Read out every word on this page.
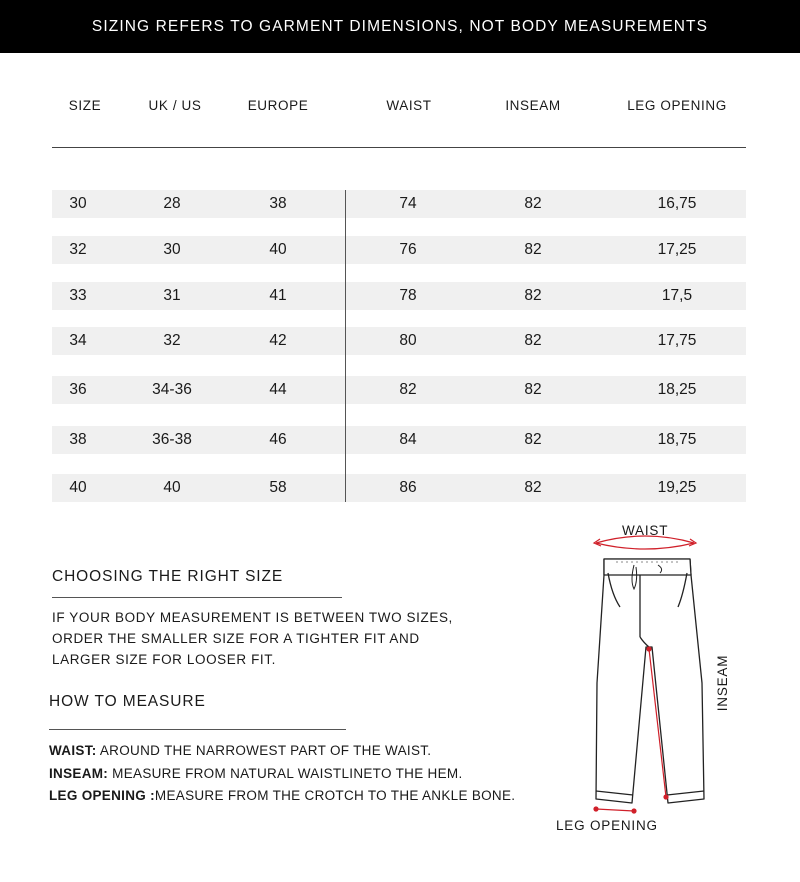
SIZING REFERS TO GARMENT DIMENSIONS, NOT BODY MEASUREMENTS
SIZE	UK / US	EUROPE	WAIST	INSEAM	LEG OPENING
30	28	38	74	82	16,75
32	30	40	76	82	17,25
33	31	41	78	82	17,5
34	32	42	80	82	17,75
36	34-36	44	82	82	18,25
38	36-38	46	84	82	18,75
40	40	58	86	82	19,25
CHOOSING THE RIGHT SIZE
IF YOUR BODY MEASUREMENT IS BETWEEN TWO SIZES,
ORDER THE SMALLER SIZE FOR A TIGHTER FIT AND
LARGER SIZE FOR LOOSER FIT.
HOW TO MEASURE
WAIST: AROUND THE NARROWEST PART OF THE WAIST.
INSEAM: MEASURE FROM NATURAL WAISTLINETO THE HEM.
LEG OPENING :MEASURE FROM THE CROTCH TO THE ANKLE BONE.
WAIST
INSEAM
LEG OPENING
